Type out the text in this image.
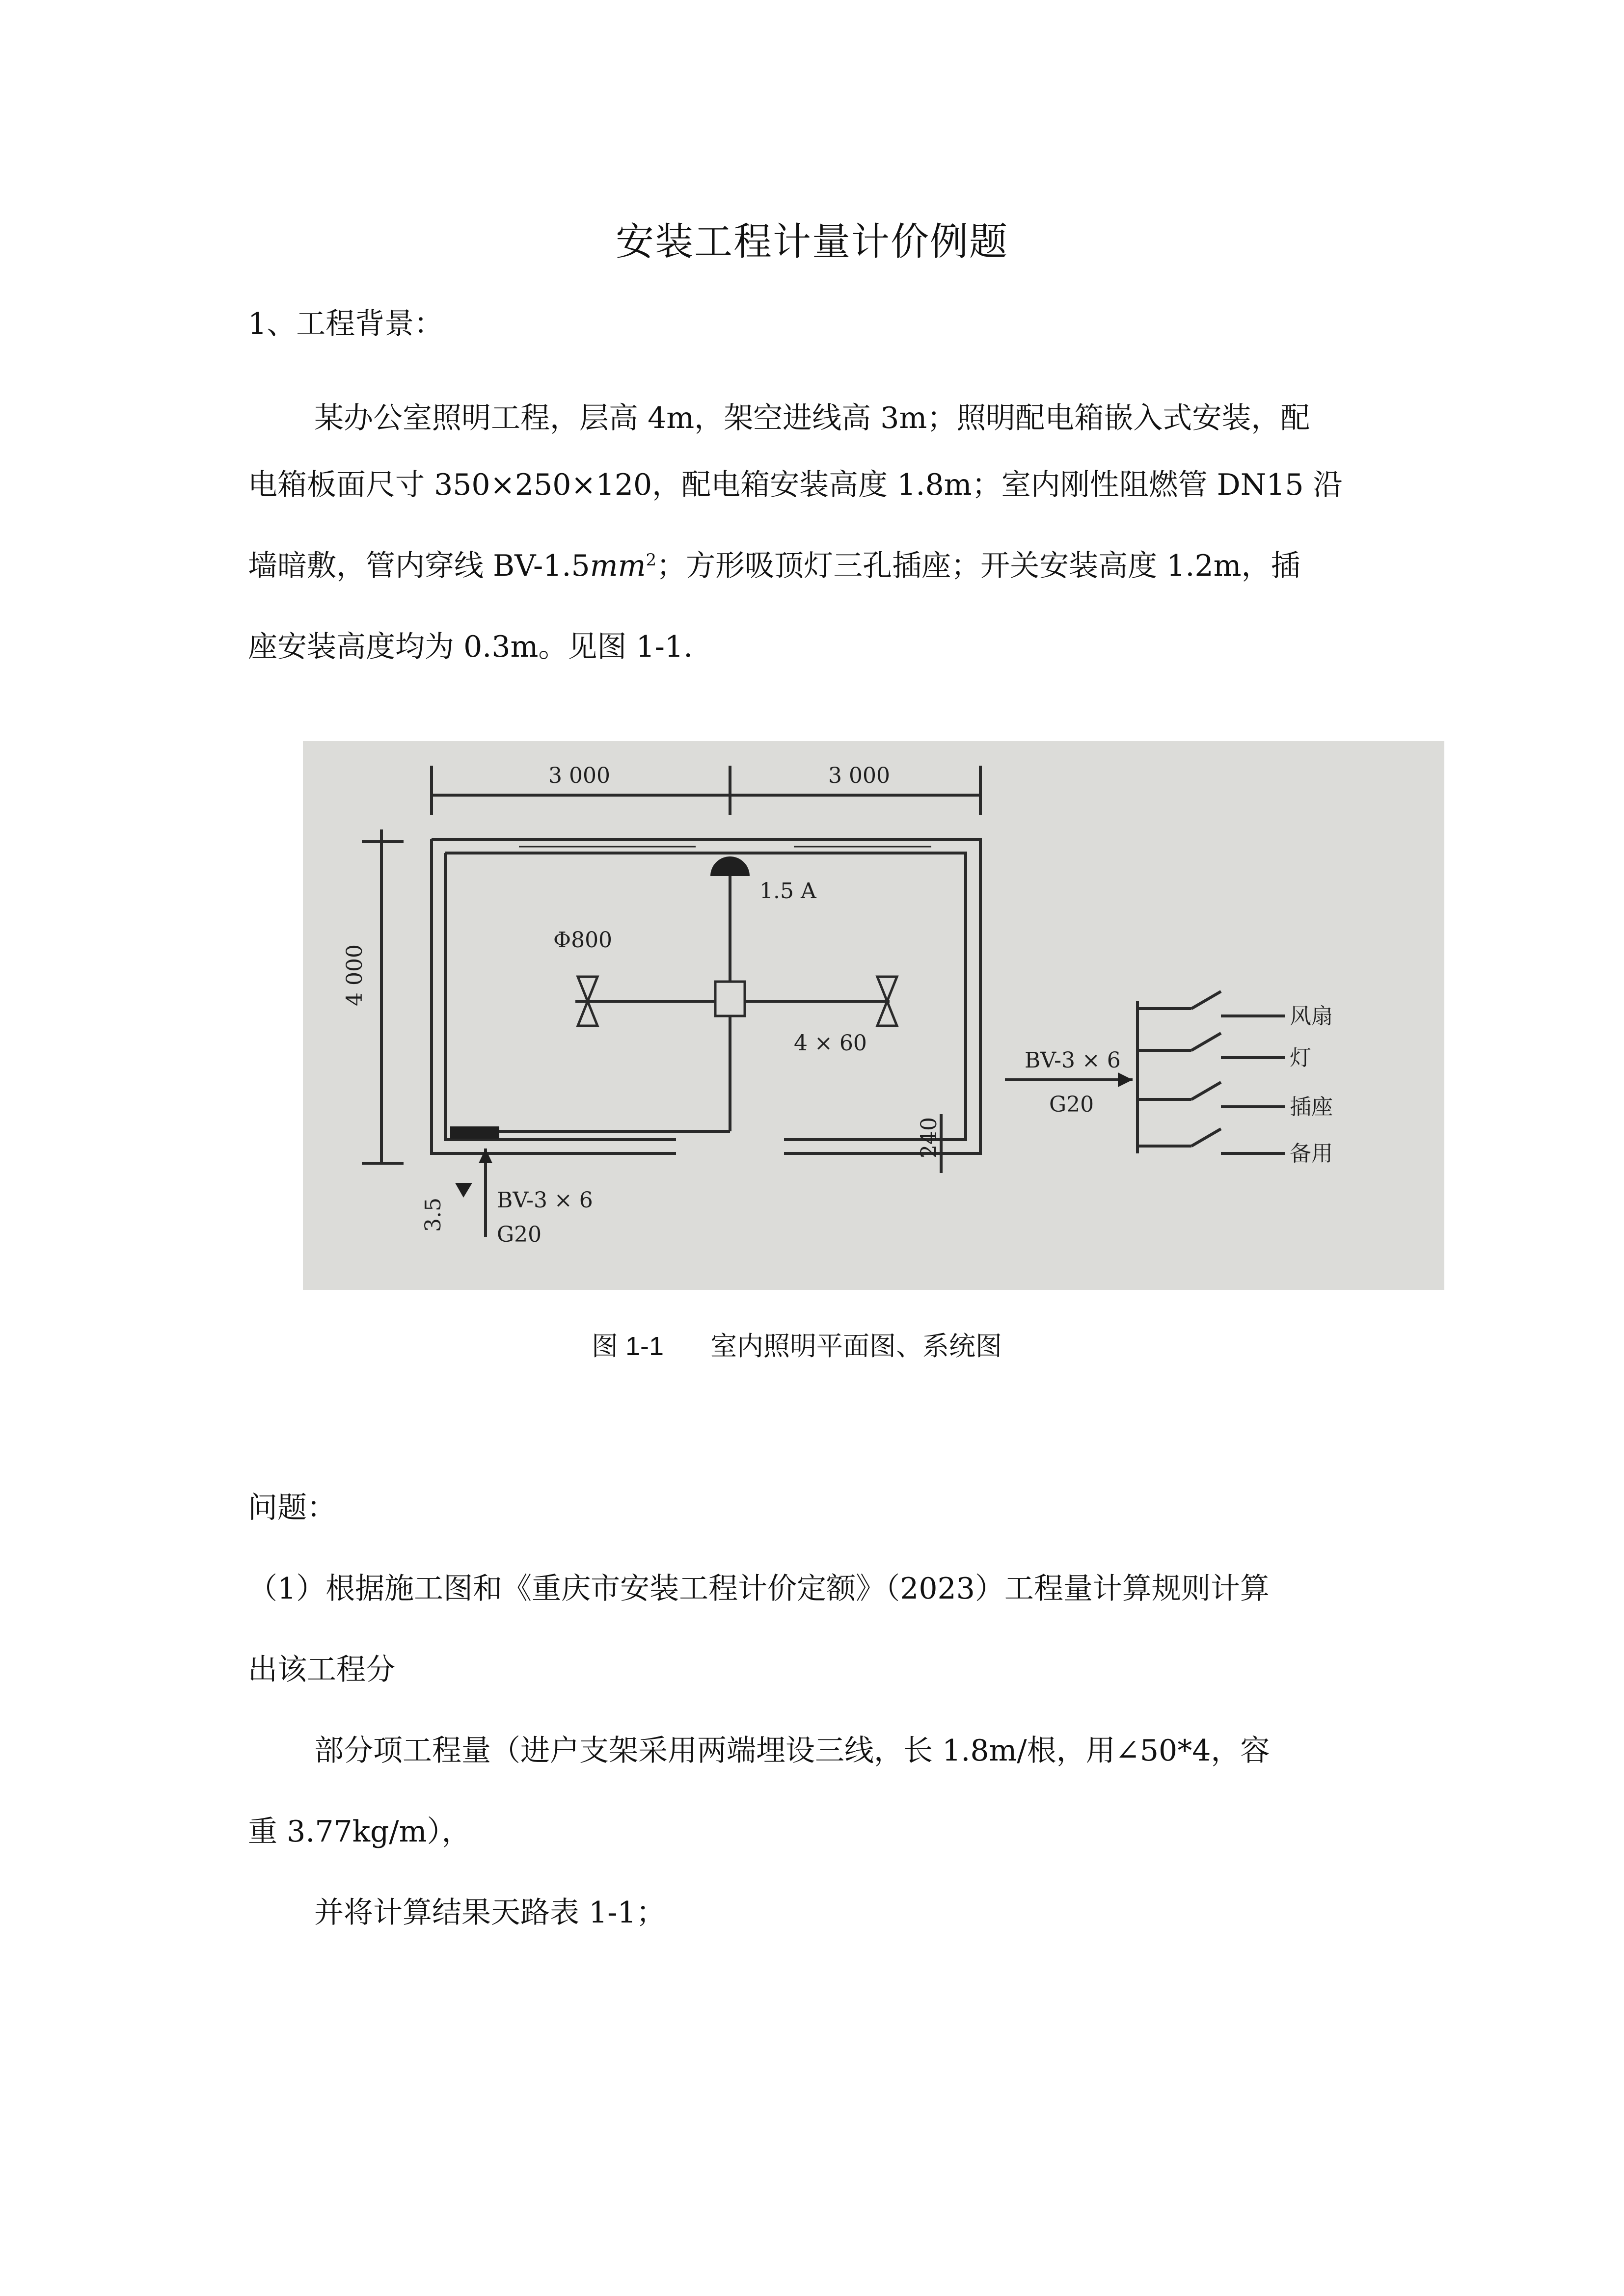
安装工程计量计价例题
1、工程背景：
某办公室照明工程，层高 4m，架空进线高 3m；照明配电箱嵌入式安装，配
电箱板面尺寸 350×250×120，配电箱安装高度 1.8m；室内刚性阻燃管 DN15 沿
墙暗敷，管内穿线 $BV-1.5mm^2$；方形吸顶灯三孔插座；开关安装高度 1.2m，插
座安装高度均为 0.3m。见图 1-1.
3 000	3 000
4 000
240
1.5 A
Φ800
4 × 60
BV-3 × 6
G20
3.5
BV-3 × 6
G20
风扇
灯
插座
备用
图 1-1 室内照明平面图、系统图
问题：
（1）根据施工图和《重庆市安装工程计价定额》（2023）工程量计算规则计算
出该工程分
部分项工程量（进户支架采用两端埋设三线，长 1.8m/根，用∠50*4，容
重 3.77kg/m），
并将计算结果天路表 1-1；
